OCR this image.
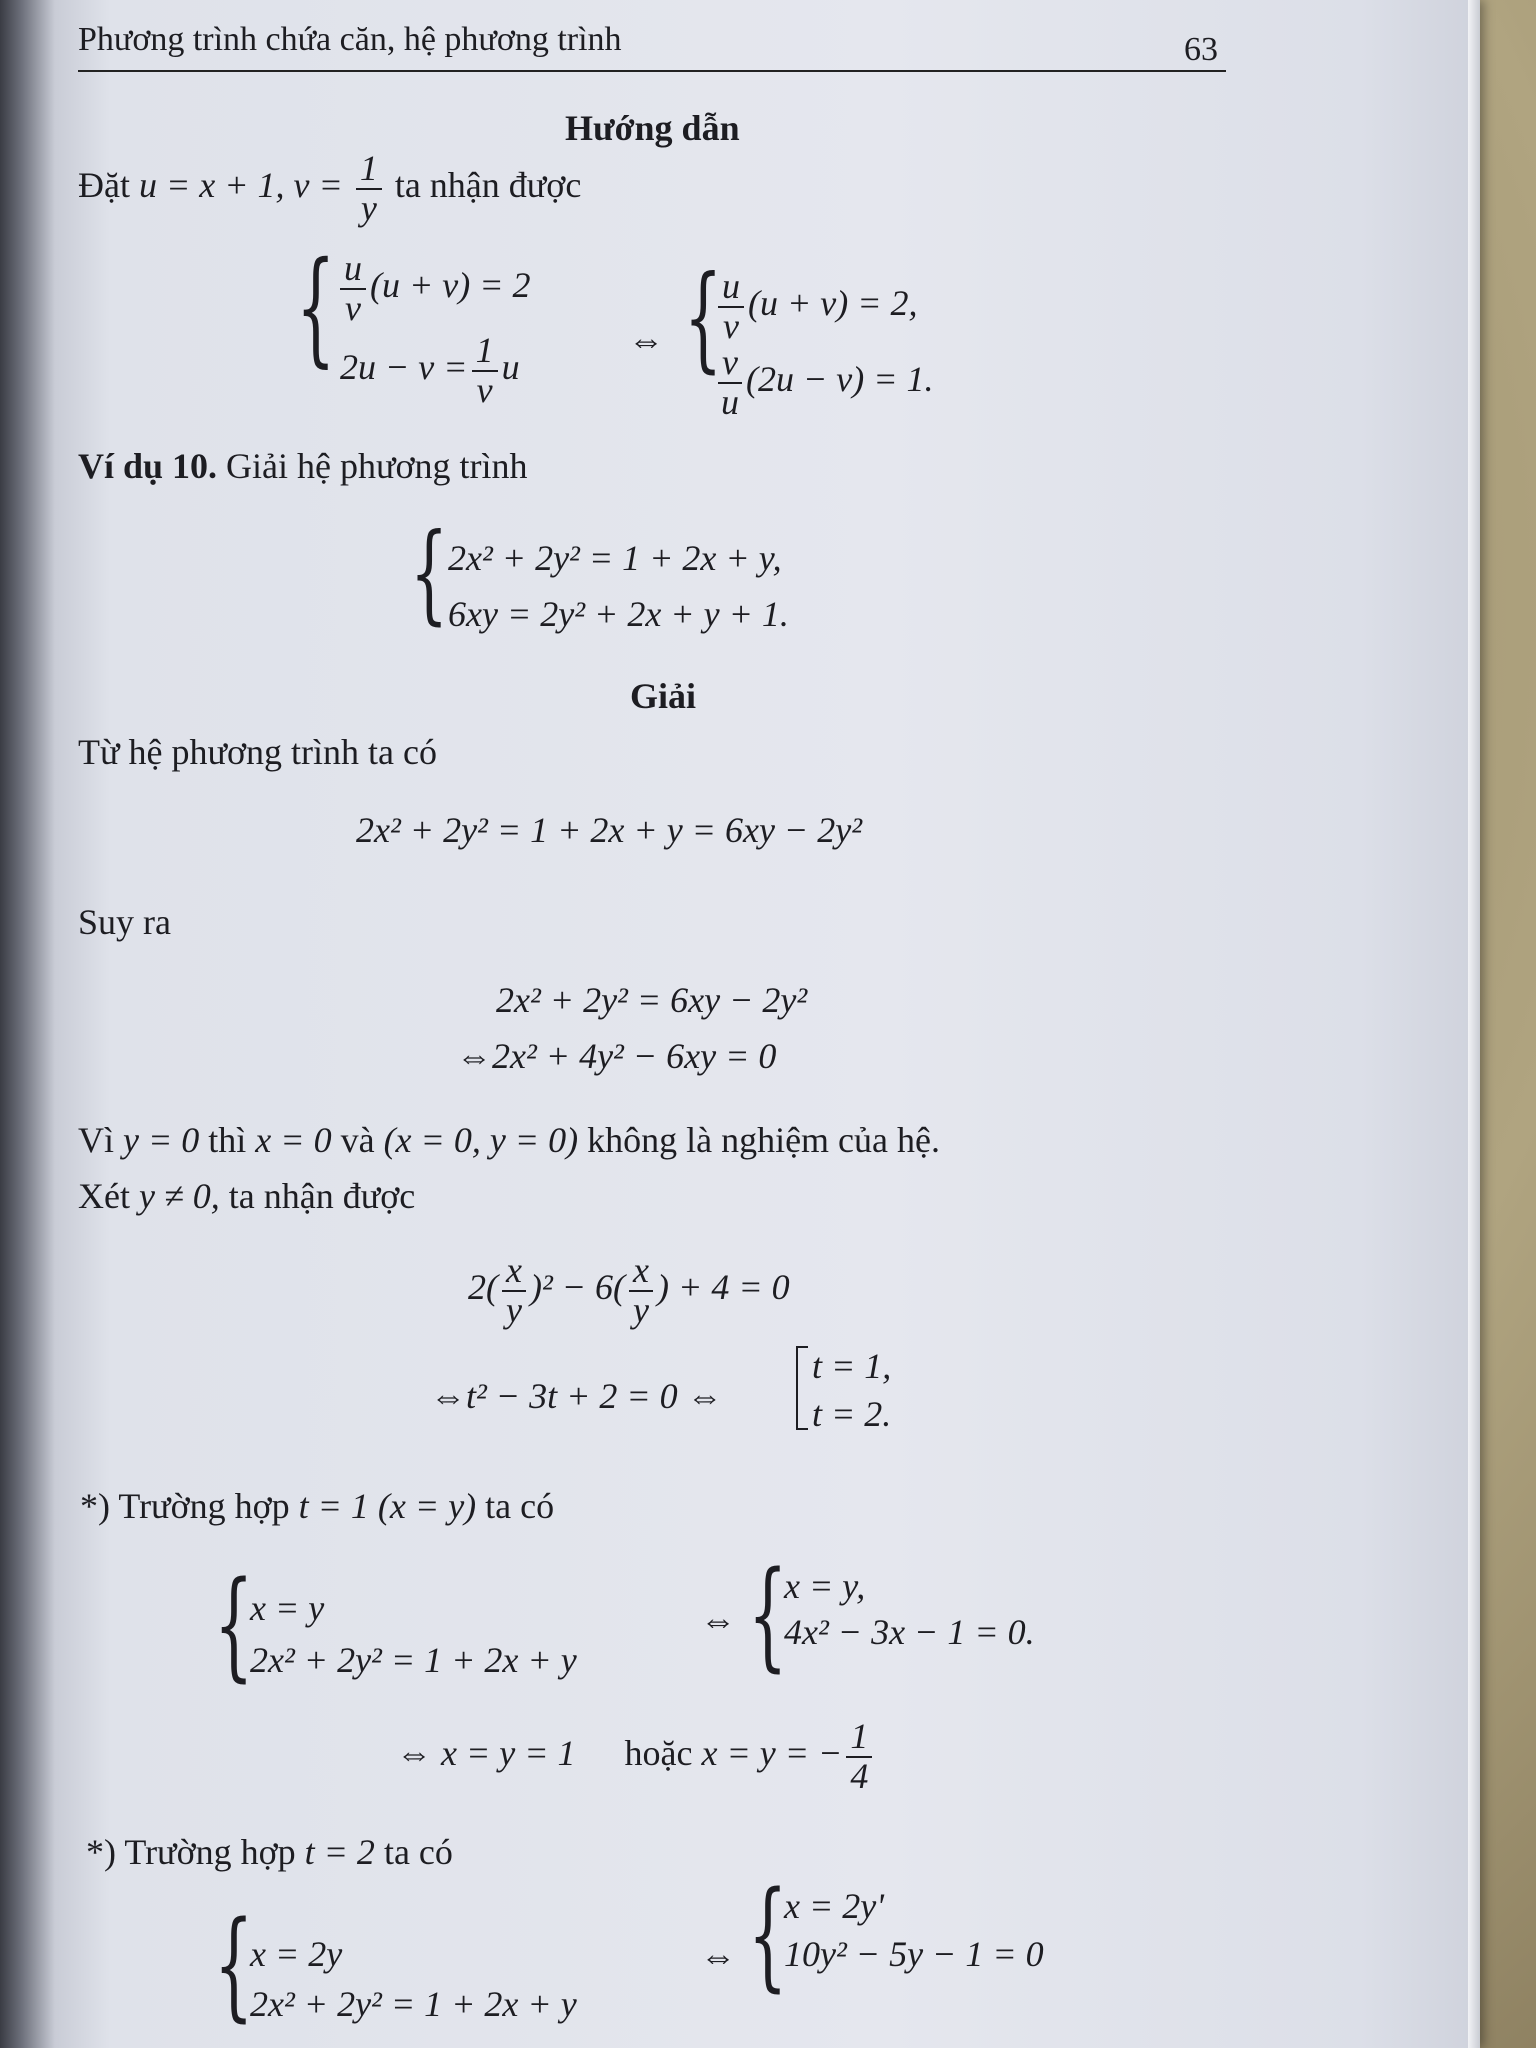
Phương trình chứa căn, hệ phương trình	63
Hướng dẫn
Đặt u = x + 1, $v = \frac{1}{y}$ ta nhận được
{ $\frac{u}{v} (u + v) = 2$
$2u - v = \frac{1}{v}$ u
⇔ {
$\frac{u}{v} (u + v) = 2$,
$\frac{v}{u} (2u - v) = 1$.
Ví dụ 10. Giải hệ phương trình
{ 2x² + 2y² = 1 + 2x + y,
6xy = 2y² + 2x + y + 1.
Giải
Từ hệ phương trình ta có
2x² + 2y² = 1 + 2x + y = 6xy − 2y²
Suy ra
2x² + 2y² = 6xy − 2y²
⇔2x² + 4y² − 6xy = 0
Vì y = 0 thì x = 0 và (x = 0, y = 0) không là nghiệm của hệ.
Xét y ≠ 0, ta nhận được
$2( \frac{x}{y} )^2 - 6( \frac{x}{y}$ ) + 4 = 0
⇔t² − 3t + 2 = 0 ⇔
t = 1,
t = 2.
*) Trường hợp t = 1 (x = y) ta có
{
x = y
2x² + 2y² = 1 + 2x + y
⇔ {
x = y,
4x² − 3x − 1 = 0.
⇔ x = y = 1 hoặc x = y = − $\frac{1}{4}$
*) Trường hợp t = 2 ta có
{
x = 2y
2x² + 2y² = 1 + 2x + y
⇔ {
x = 2y'
10y² − 5y − 1 = 0
